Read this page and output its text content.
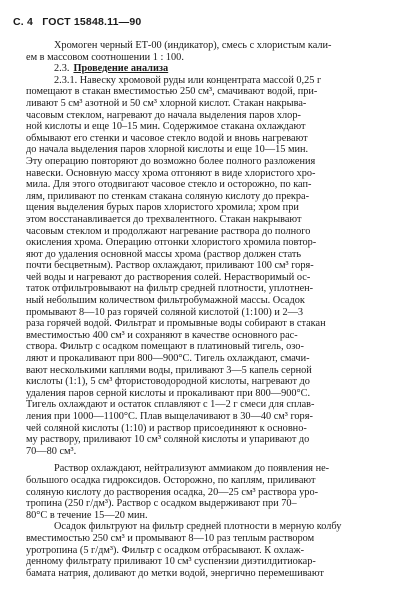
С. 4 ГОСТ 15848.11—90
Хромоген черный ЕТ-00 (индикатор), смесь с хлористым кали-
ем в массовом соотношении 1 : 100.
2.3. Проведение анализа
2.3.1. Навеску хромовой руды или концентрата массой 0,25 г
помещают в стакан вместимостью 250 см³, смачивают водой, при-
ливают 5 см³ азотной и 50 см³ хлорной кислот. Стакан накрыва-
часовым стеклом, нагревают до начала выделения паров хлор-
ной кислоты и еще 10–15 мин. Содержимое стакана охлаждают
обмывают его стенки и часовое стекло водой и вновь нагревают
до начала выделения паров хлорной кислоты и еще 10—15 мин.
Эту операцию повторяют до возможно более полного разложения
навески. Основную массу хрома отгоняют в виде хлористого хро-
мила. Для этого отодвигают часовое стекло и осторожно, по кап-
лям, приливают по стенкам стакана соляную кислоту до прекра-
щения выделения бурых паров хлористого хромила; хром при
этом восстанавливается до трехвалентного. Стакан накрывают
часовым стеклом и продолжают нагревание раствора до полного
окисления хрома. Операцию отгонки хлористого хромила повтор-
яют до удаления основной массы хрома (раствор должен стать
почти бесцветным). Раствор охлаждают, приливают 100 см³ горя-
чей воды и нагревают до растворения солей. Нерастворимый ос-
таток отфильтровывают на фильтр средней плотности, уплотнен-
ный небольшим количеством фильтробумажной массы. Осадок
промывают 8—10 раз горячей соляной кислотой (1:100) и 2—3
раза горячей водой. Фильтрат и промывные воды собирают в стакан
вместимостью 400 см³ и сохраняют в качестве основного рас-
створа. Фильтр с осадком помещают в платиновый тигель, озо-
ляют и прокаливают при 800—900°С. Тигель охлаждают, смачи-
вают несколькими каплями воды, приливают 3—5 капель серной
кислоты (1:1), 5 см³ фтористоводородной кислоты, нагревают до
удаления паров серной кислоты и прокаливают при 800—900°С.
Тигель охлаждают и остаток сплавляют с 1—2 г смеси для сплав-
ления при 1000—1100°С. Плав выщелачивают в 30—40 см³ горя-
чей соляной кислоты (1:10) и раствор присоединяют к основно-
му раствору, приливают 10 см³ соляной кислоты и упаривают до
70—80 см³.
Раствор охлаждают, нейтрализуют аммиаком до появления не-
большого осадка гидроксидов. Осторожно, по каплям, приливают
соляную кислоту до растворения осадка, 20—25 см³ раствора уро-
тропина (250 г/дм³). Раствор с осадком выдерживают при 70–
80°С в течение 15—20 мин.
Осадок фильтруют на фильтр средней плотности в мерную колбу
вместимостью 250 см³ и промывают 8—10 раз теплым раствором
уротропина (5 г/дм³). Фильтр с осадком отбрасывают. К охлаж-
денному фильтрату приливают 10 см³ суспензии диэтилдитиокар-
бамата натрия, доливают до метки водой, энергично перемешивают
